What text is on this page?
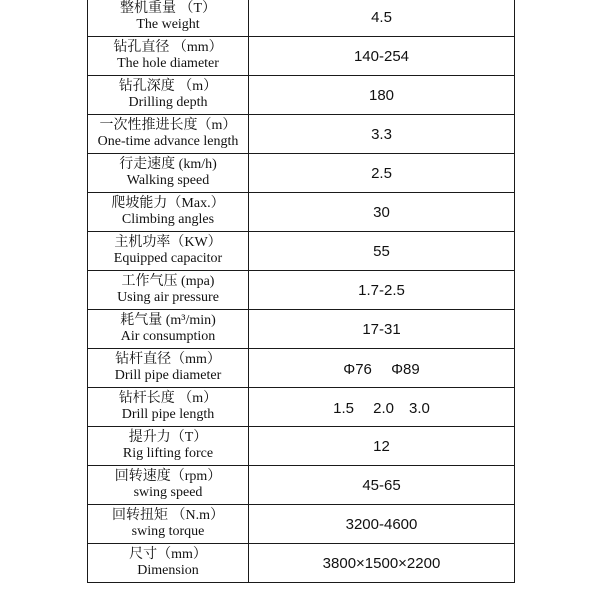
整机重量 （T）
The weight	4.5

钻孔直径 （mm）
The hole diameter	140-254

钻孔深度 （m）
Drilling depth	180

一次性推进长度（m）
One-time advance length	3.3

行走速度 (km/h)
Walking speed	2.5

爬坡能力（Max.）
Climbing angles	30

主机功率（KW）
Equipped capacitor	55

工作气压 (mpa)
Using air pressure	1.7-2.5

耗气量 (m³/min)
Air consumption	17-31

钻杆直径（mm）
Drill pipe diameter	Φ76　 Φ89

钻杆长度 （m）
Drill pipe length	1.5　 2.0　3.0

提升力（T）
Rig lifting force	12

回转速度（rpm）
swing speed	45-65

回转扭矩 （N.m）
swing torque	3200-4600

尺寸（mm）
Dimension	3800×1500×2200
